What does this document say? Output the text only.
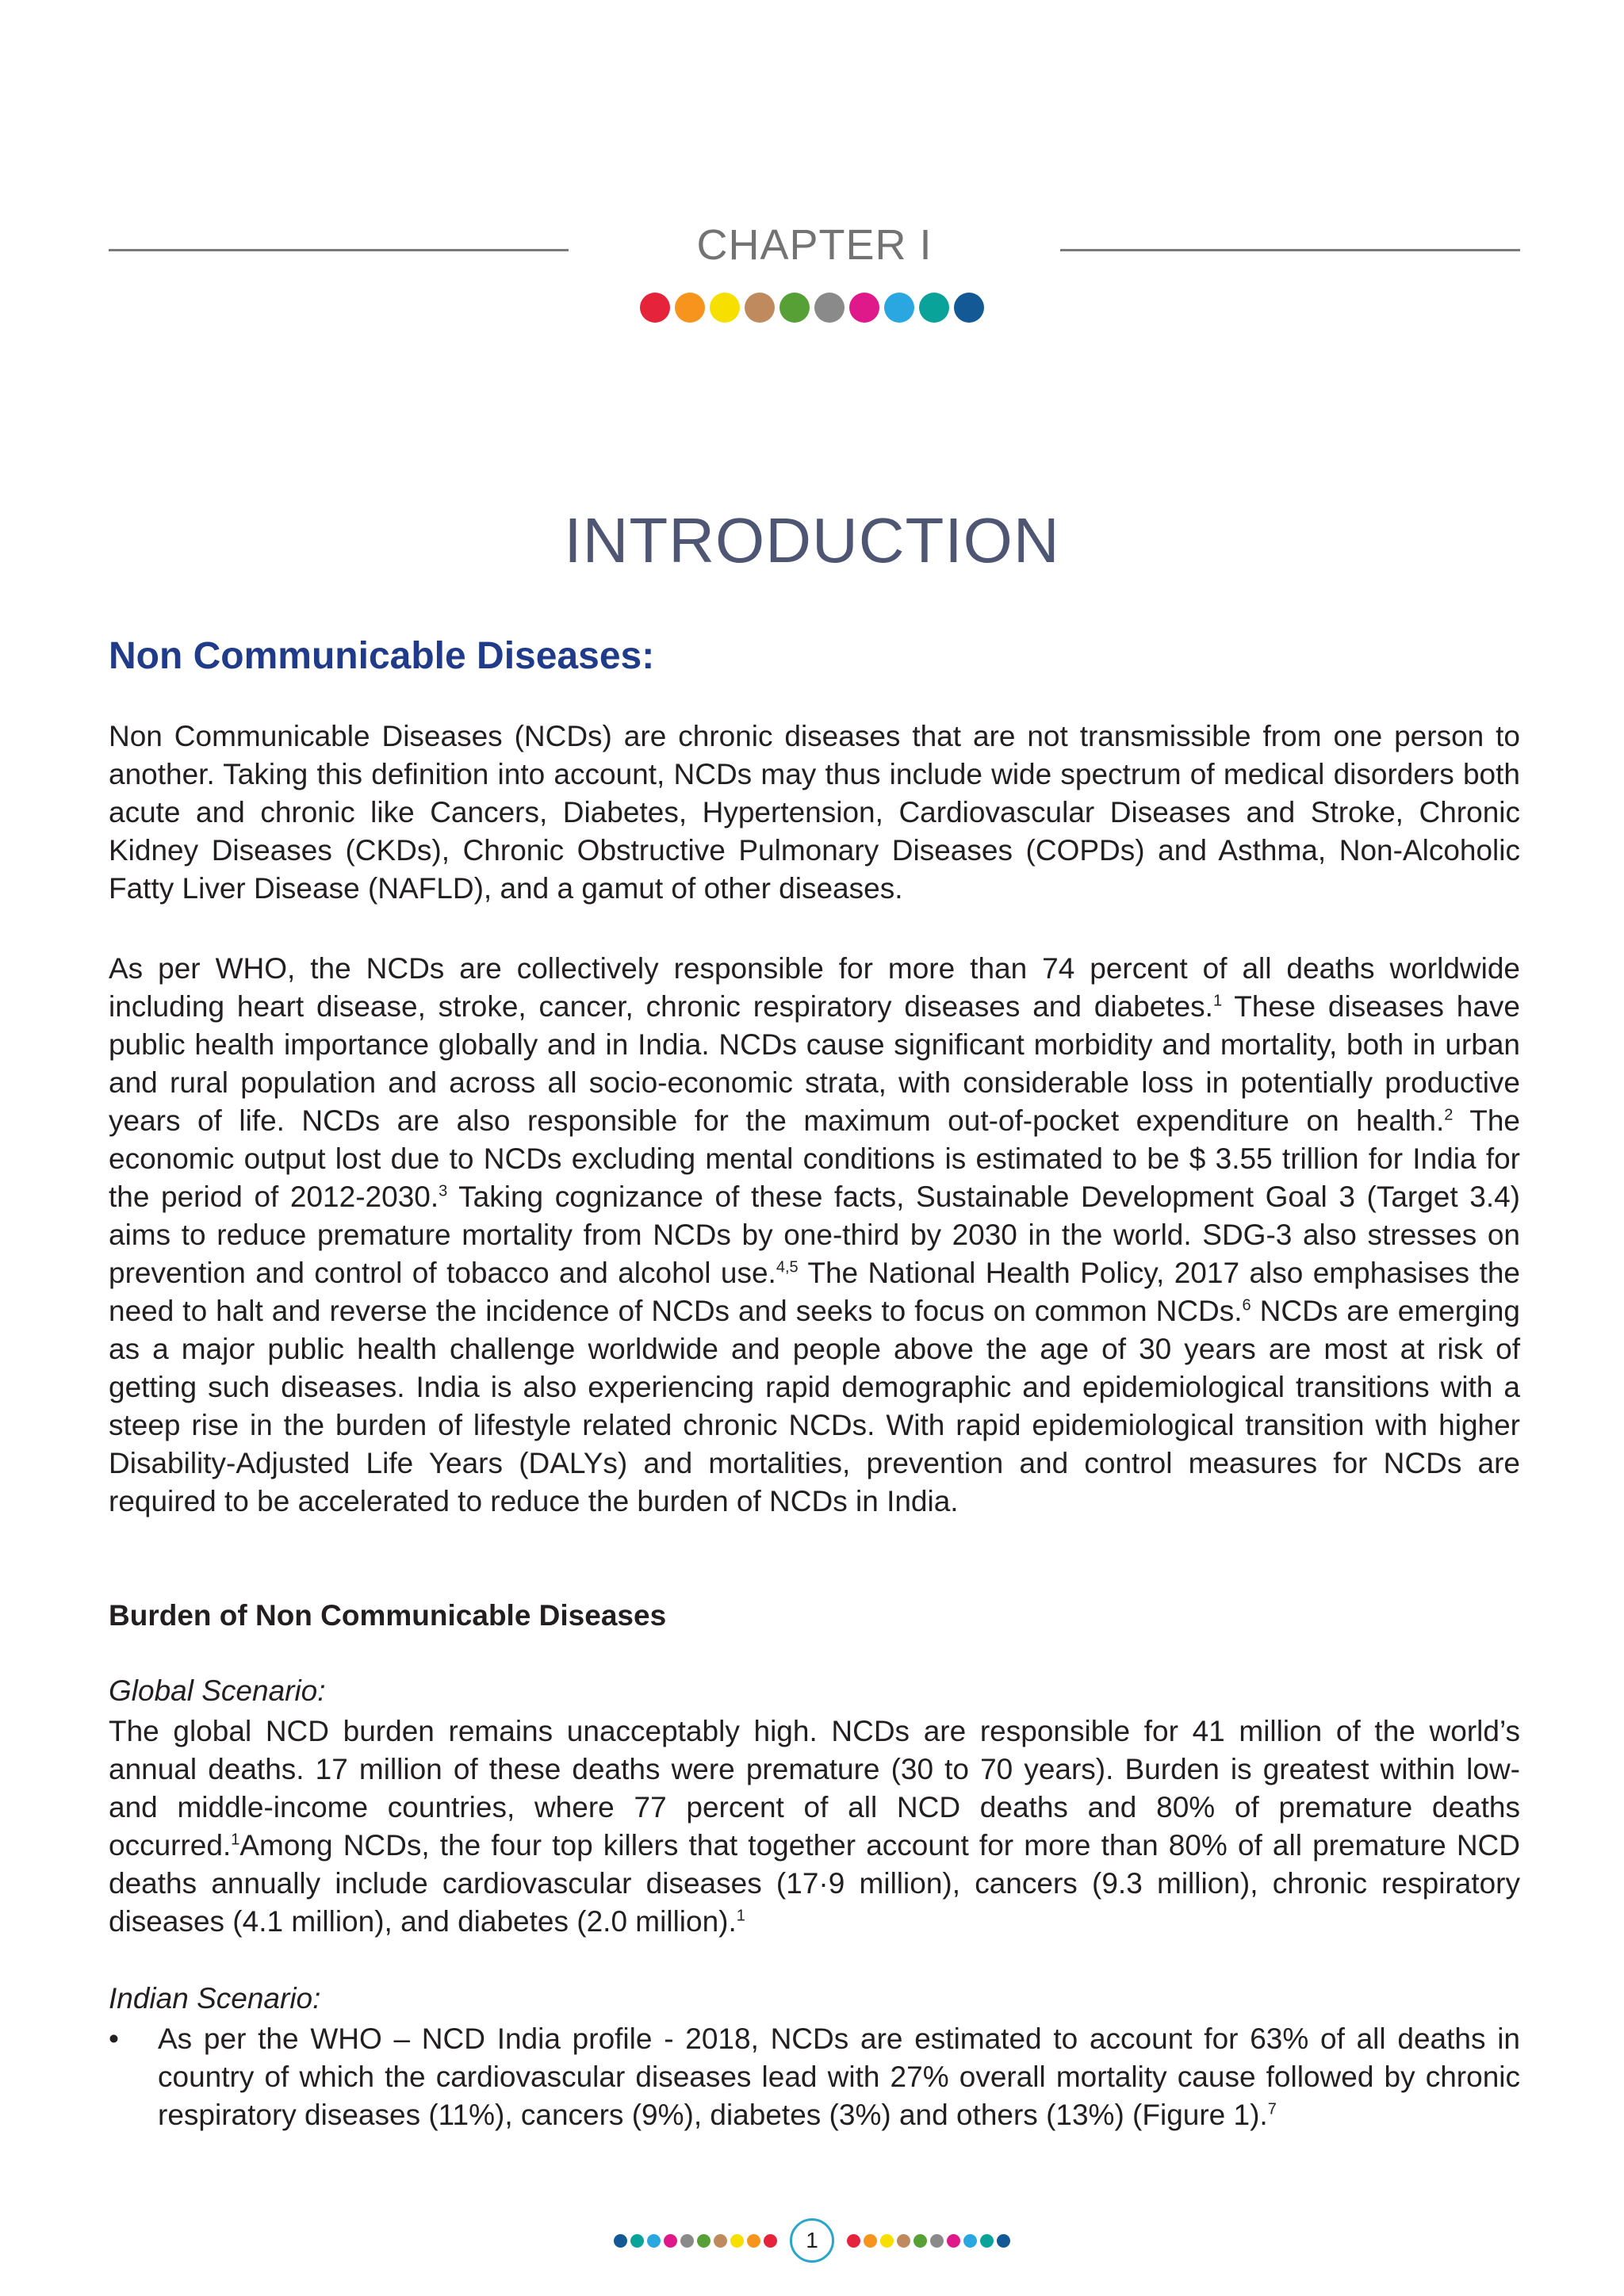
CHAPTER I
INTRODUCTION
Non Communicable Diseases:

Non Communicable Diseases (NCDs) are chronic diseases that are not transmissible from one person to another. Taking this definition into account, NCDs may thus include wide spectrum of medical disorders both acute and chronic like Cancers, Diabetes, Hypertension, Cardiovascular Diseases and Stroke, Chronic Kidney Diseases (CKDs), Chronic Obstructive Pulmonary Diseases (COPDs) and Asthma, Non-Alcoholic Fatty Liver Disease (NAFLD), and a gamut of other diseases.

As per WHO, the NCDs are collectively responsible for more than 74 percent of all deaths worldwide including heart disease, stroke, cancer, chronic respiratory diseases and diabetes.$^1$ These diseases have public health importance globally and in India. NCDs cause significant morbidity and mortality, both in urban and rural population and across all socio-economic strata, with considerable loss in potentially productive years of life. NCDs are also responsible for the maximum out-of-pocket expenditure on health.$^2$ The economic output lost due to NCDs excluding mental conditions is estimated to be $ 3.55 trillion for India for the period of 2012-2030.$^3$ Taking cognizance of these facts, Sustainable Development Goal 3 (Target 3.4) aims to reduce premature mortality from NCDs by one-third by 2030 in the world. SDG-3 also stresses on prevention and control of tobacco and alcohol use.$^{4,5}$ The National Health Policy, 2017 also emphasises the need to halt and reverse the incidence of NCDs and seeks to focus on common NCDs.$^6$ NCDs are emerging as a major public health challenge worldwide and people above the age of 30 years are most at risk of getting such diseases. India is also experiencing rapid demographic and epidemiological transitions with a steep rise in the burden of lifestyle related chronic NCDs. With rapid epidemiological transition with higher Disability-Adjusted Life Years (DALYs) and mortalities, prevention and control measures for NCDs are required to be accelerated to reduce the burden of NCDs in India.

Burden of Non Communicable Diseases
Global Scenario:

The global NCD burden remains unacceptably high. NCDs are responsible for 41 million of the world’s annual deaths. 17 million of these deaths were premature (30 to 70 years). Burden is greatest within low- and middle-income countries, where 77 percent of all NCD deaths and 80% of premature deaths occurred.$^1$Among NCDs, the four top killers that together account for more than 80% of all premature NCD deaths annually include cardiovascular diseases (17·9 million), cancers (9.3 million), chronic respiratory diseases (4.1 million), and diabetes (2.0 million).$^1$

Indian Scenario:
•	As per the WHO – NCD India profile - 2018, NCDs are estimated to account for 63% of all deaths in country of which the cardiovascular diseases lead with 27% overall mortality cause followed by chronic respiratory diseases (11%), cancers (9%), diabetes (3%) and others (13%) (Figure 1).$^7$
1
